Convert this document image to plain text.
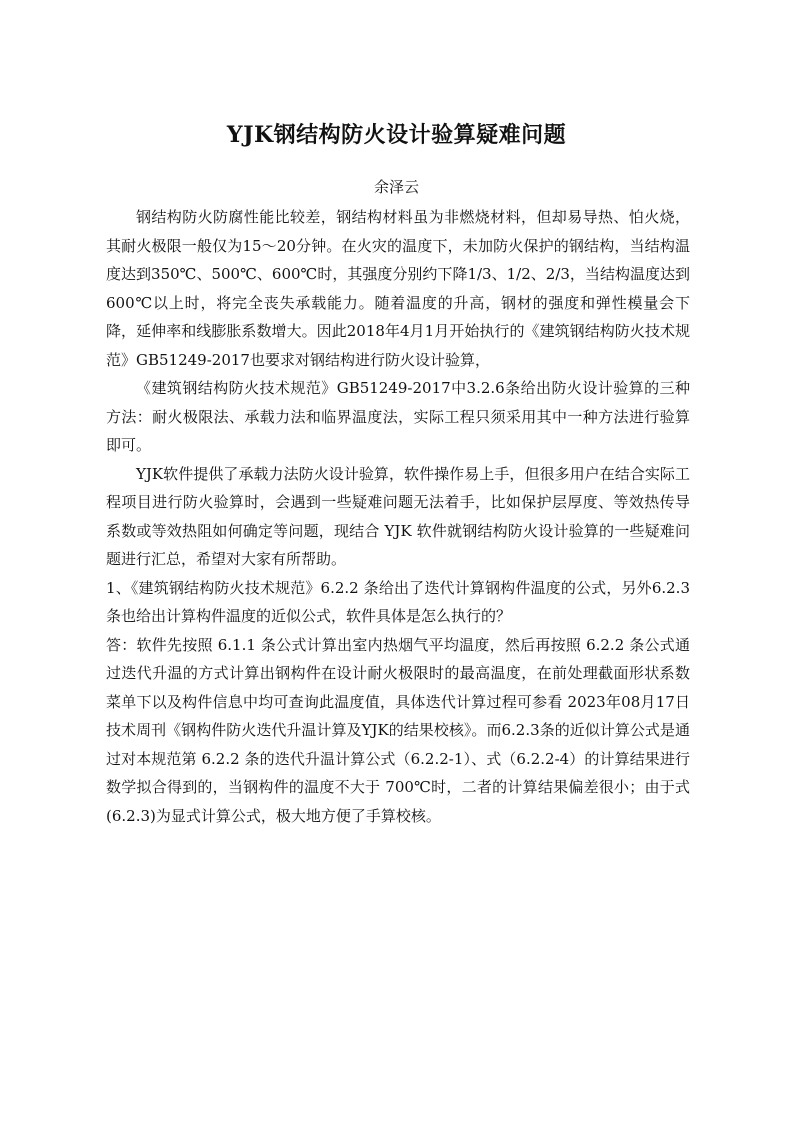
YJK钢结构防火设计验算疑难问题

余泽云

钢结构防火防腐性能比较差，钢结构材料虽为非燃烧材料，但却易导热、怕火烧，其耐火极限一般仅为15～20分钟。在火灾的温度下，未加防火保护的钢结构，当结构温度达到350℃、500℃、600℃时，其强度分别约下降1/3、1/2、2/3，当结构温度达到600℃以上时，将完全丧失承载能力。随着温度的升高，钢材的强度和弹性模量会下降，延伸率和线膨胀系数增大。因此2018年4月1月开始执行的《建筑钢结构防火技术规范》GB51249-2017也要求对钢结构进行防火设计验算，

《建筑钢结构防火技术规范》GB51249-2017中3.2.6条给出防火设计验算的三种方法：耐火极限法、承载力法和临界温度法，实际工程只须采用其中一种方法进行验算即可。

YJK软件提供了承载力法防火设计验算，软件操作易上手，但很多用户在结合实际工程项目进行防火验算时，会遇到一些疑难问题无法着手，比如保护层厚度、等效热传导系数或等效热阻如何确定等问题，现结合 YJK 软件就钢结构防火设计验算的一些疑难问题进行汇总，希望对大家有所帮助。

1、《建筑钢结构防火技术规范》6.2.2 条给出了迭代计算钢构件温度的公式，另外6.2.3条也给出计算构件温度的近似公式，软件具体是怎么执行的？

答：软件先按照 6.1.1 条公式计算出室内热烟气平均温度，然后再按照 6.2.2 条公式通过迭代升温的方式计算出钢构件在设计耐火极限时的最高温度，在前处理截面形状系数菜单下以及构件信息中均可查询此温度值，具体迭代计算过程可参看 2023年08月17日技术周刊《钢构件防火迭代升温计算及YJK的结果校核》。而6.2.3条的近似计算公式是通过对本规范第 6.2.2 条的迭代升温计算公式（6.2.2-1）、式（6.2.2-4）的计算结果进行数学拟合得到的，当钢构件的温度不大于 700℃时，二者的计算结果偏差很小；由于式(6.2.3)为显式计算公式，极大地方便了手算校核。
